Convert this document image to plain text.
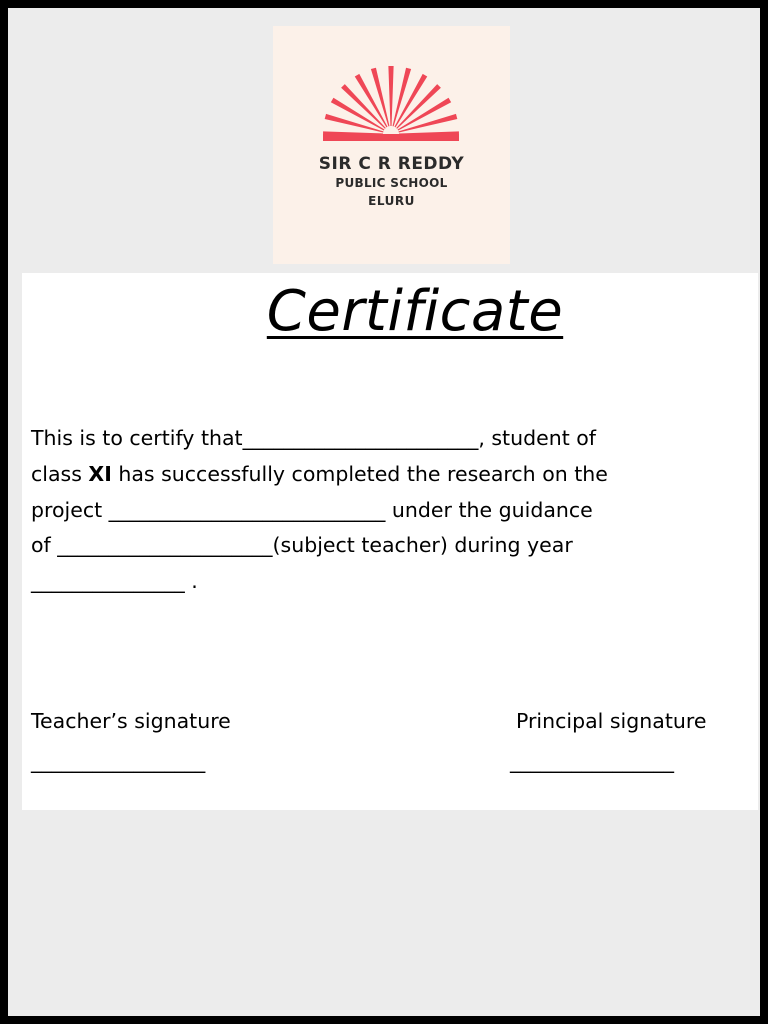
SIR C R REDDY
PUBLIC SCHOOL
ELURU
Certificate

This is to certify that_______________________, student of
class XI has successfully completed the research on the
project ___________________________ under the guidance
of _____________________(subject teacher) during year
_______________ .

Teacher’s signature
_________________
Principal signature
________________
